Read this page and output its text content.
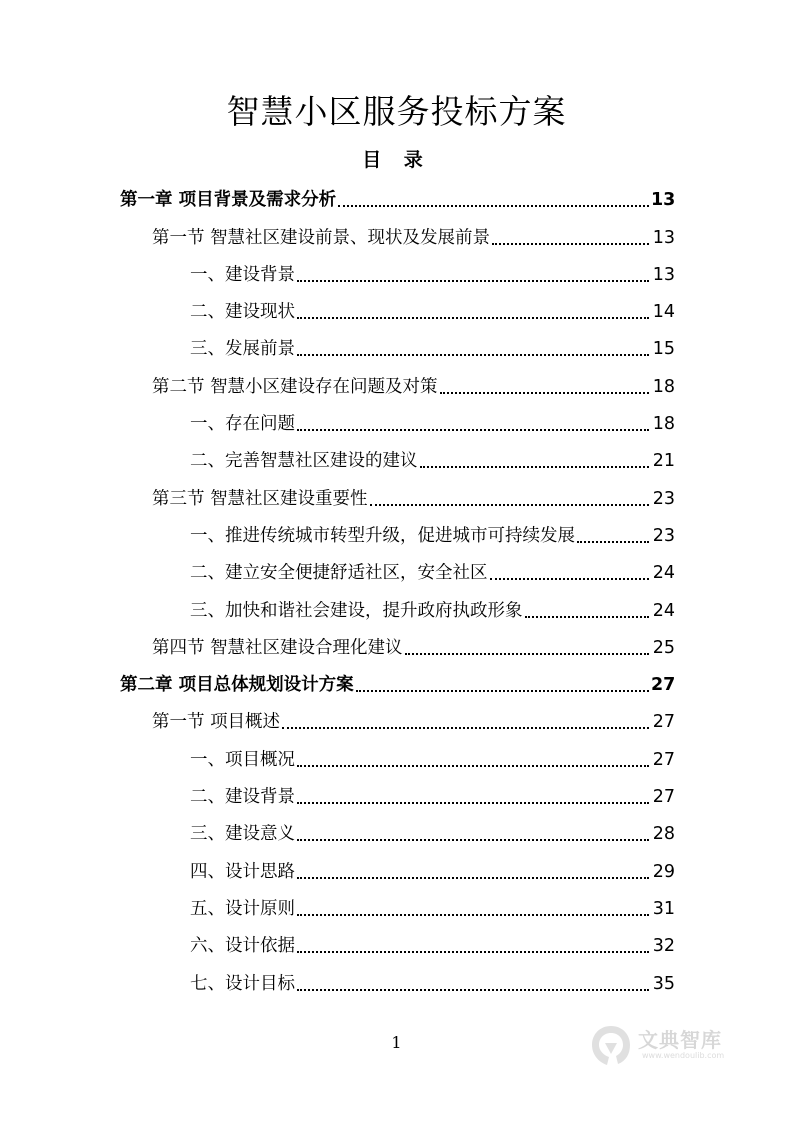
智慧小区服务投标方案
目 录
第一章 项目背景及需求分析	13
第一节 智慧社区建设前景、现状及发展前景	13
一、建设背景	13
二、建设现状	14
三、发展前景	15
第二节 智慧小区建设存在问题及对策	18
一、存在问题	18
二、完善智慧社区建设的建议	21
第三节 智慧社区建设重要性	23
一、推进传统城市转型升级，促进城市可持续发展	23
二、建立安全便捷舒适社区，安全社区	24
三、加快和谐社会建设，提升政府执政形象	24
第四节 智慧社区建设合理化建议	25
第二章 项目总体规划设计方案	27
第一节 项目概述	27
一、项目概况	27
二、建设背景	27
三、建设意义	28
四、设计思路	29
五、设计原则	31
六、设计依据	32
七、设计目标	35
1	文典智库
www.wendoulib.com
